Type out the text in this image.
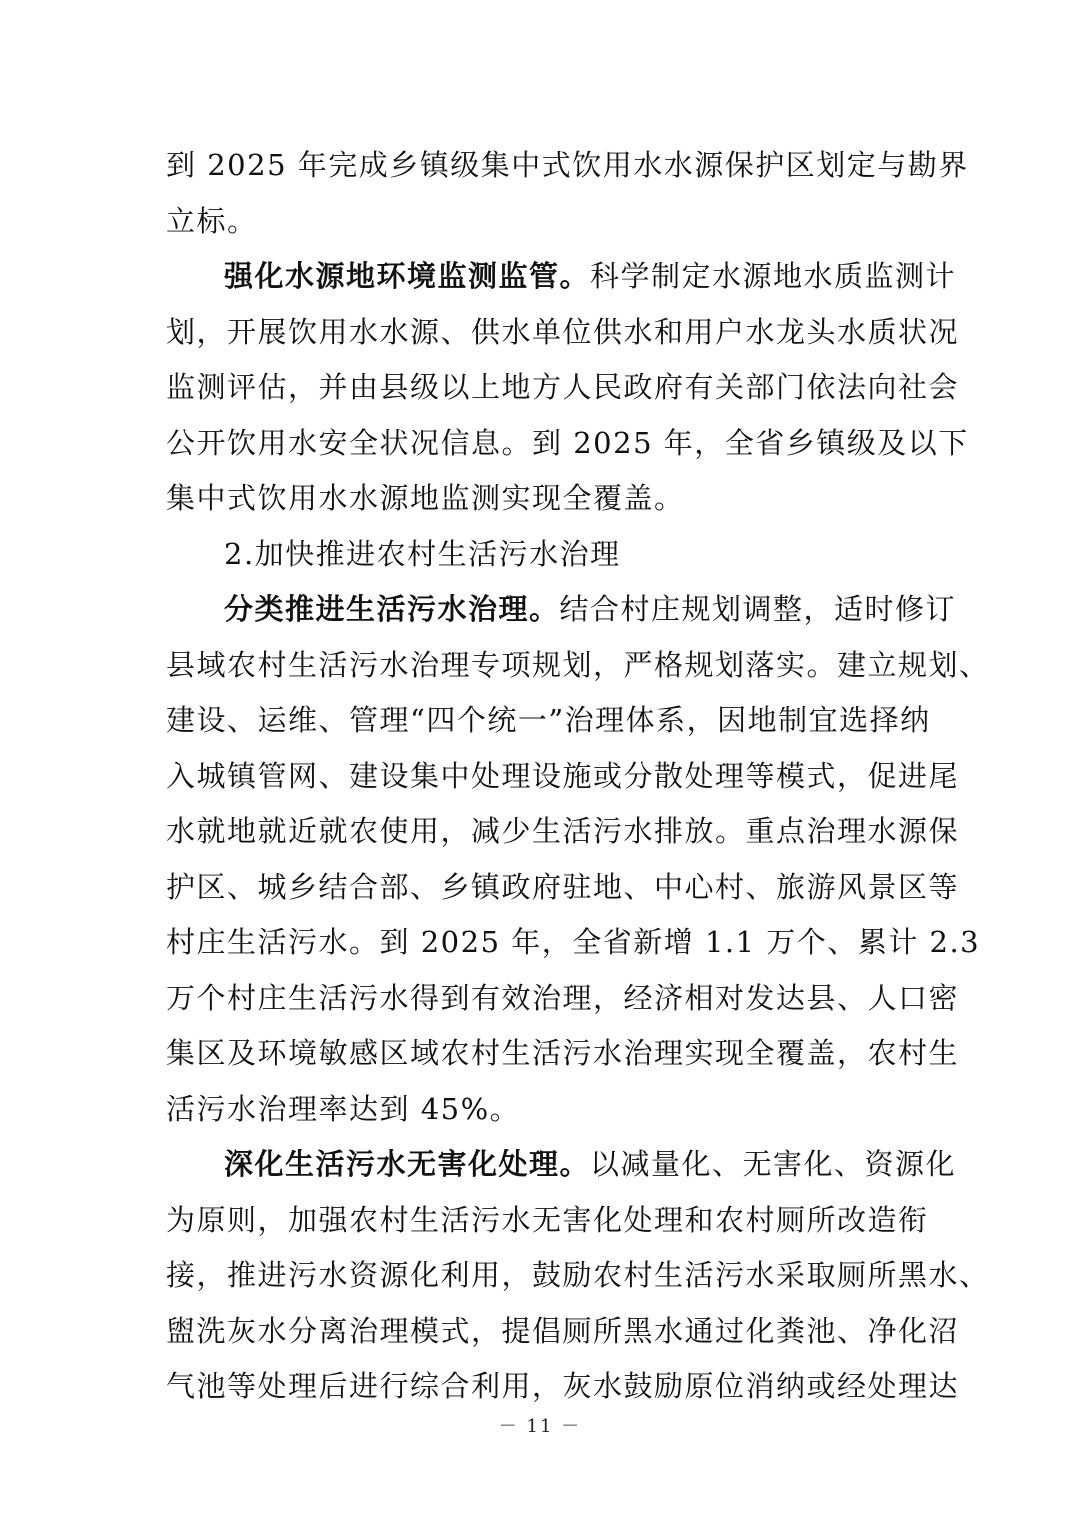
到 2025 年完成乡镇级集中式饮用水水源保护区划定与勘界
立标。
强化水源地环境监测监管。科学制定水源地水质监测计
划，开展饮用水水源、供水单位供水和用户水龙头水质状况
监测评估，并由县级以上地方人民政府有关部门依法向社会
公开饮用水安全状况信息。到 2025 年，全省乡镇级及以下
集中式饮用水水源地监测实现全覆盖。
2.加快推进农村生活污水治理
分类推进生活污水治理。结合村庄规划调整，适时修订
县域农村生活污水治理专项规划，严格规划落实。建立规划、
建设、运维、管理“四个统一”治理体系，因地制宜选择纳
入城镇管网、建设集中处理设施或分散处理等模式，促进尾
水就地就近就农使用，减少生活污水排放。重点治理水源保
护区、城乡结合部、乡镇政府驻地、中心村、旅游风景区等
村庄生活污水。到 2025 年，全省新增 1.1 万个、累计 2.3
万个村庄生活污水得到有效治理，经济相对发达县、人口密
集区及环境敏感区域农村生活污水治理实现全覆盖，农村生
活污水治理率达到 45%。
深化生活污水无害化处理。以减量化、无害化、资源化
为原则，加强农村生活污水无害化处理和农村厕所改造衔
接，推进污水资源化利用，鼓励农村生活污水采取厕所黑水、
盥洗灰水分离治理模式，提倡厕所黑水通过化粪池、净化沼
气池等处理后进行综合利用，灰水鼓励原位消纳或经处理达
－ 11 －
